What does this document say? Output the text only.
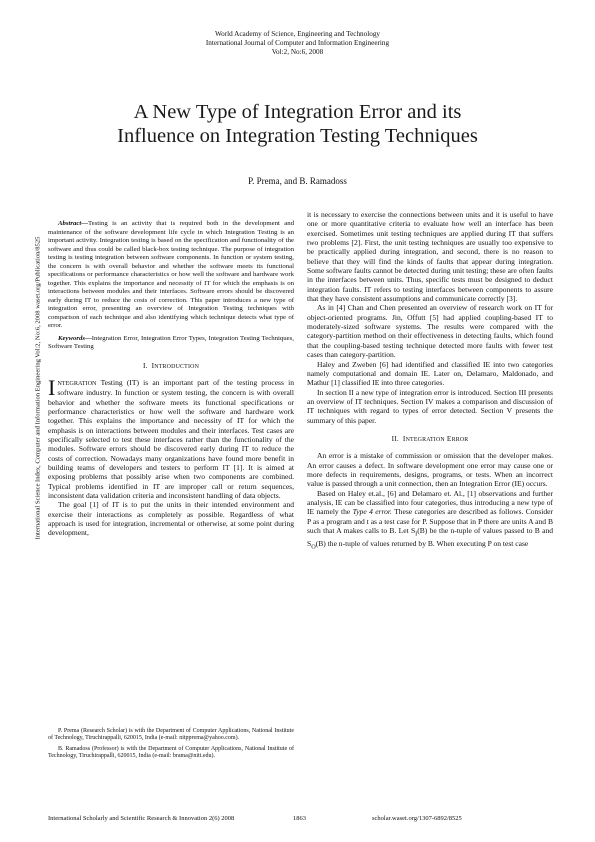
World Academy of Science, Engineering and Technology
International Journal of Computer and Information Engineering
Vol:2, No:6, 2008
A New Type of Integration Error and its
Influence on Integration Testing Techniques
P. Prema, and B. Ramadoss
International Science Index, Computer and Information Engineering Vol:2, No:6, 2008 waset.org/Publication/8525

Abstract—Testing is an activity that is required both in the development and maintenance of the software development life cycle in which Integration Testing is an important activity. Integration testing is based on the specification and functionality of the software and thus could be called black-box testing technique. The purpose of integration testing is testing integration between software components. In function or system testing, the concern is with overall behavior and whether the software meets its functional specifications or performance characteristics or how well the software and hardware work together. This explains the importance and necessity of IT for which the emphasis is on interactions between modules and their interfaces. Software errors should be discovered early during IT to reduce the costs of correction. This paper introduces a new type of integration error, presenting an overview of Integration Testing techniques with comparison of each technique and also identifying which technique detects what type of error.

Keywords—Integration Error, Integration Error Types, Integration Testing Techniques, Software Testing

I. INTRODUCTION

INTEGRATION Testing (IT) is an important part of the testing process in software industry. In function or system testing, the concern is with overall behavior and whether the software meets its functional specifications or performance characteristics or how well the software and hardware work together. This explains the importance and necessity of IT for which the emphasis is on interactions between modules and their interfaces. Test cases are specifically selected to test these interfaces rather than the functionality of the modules. Software errors should be discovered early during IT to reduce the costs of correction. Nowadays many organizations have found more benefit in building teams of developers and testers to perform IT [1]. It is aimed at exposing problems that possibly arise when two components are combined. Typical problems identified in IT are improper call or return sequences, inconsistent data validation criteria and inconsistent handling of data objects.

The goal [1] of IT is to put the units in their intended environment and exercise their interactions as completely as possible. Regardless of what approach is used for integration, incremental or otherwise, at some point during development,

P. Prema (Research Scholar) is with the Department of Computer Applications, National Institute of Technology, Tiruchirappalli, 620015, India (e-mail: nitpprema@yahoo.com).

B. Ramadoss (Professor) is with the Department of Computer Applications, National Institute of Technology, Tiruchirappalli, 620015, India (e-mail: brama@nitt.edu).

it is necessary to exercise the connections between units and it is useful to have one or more quantitative criteria to evaluate how well an interface has been exercised. Sometimes unit testing techniques are applied during IT that suffers two problems [2]. First, the unit testing techniques are usually too expensive to be practically applied during integration, and second, there is no reason to believe that they will find the kinds of faults that appear during integration. Some software faults cannot be detected during unit testing; these are often faults in the interfaces between units. Thus, specific tests must be designed to deduct integration faults. IT refers to testing interfaces between components to assure that they have consistent assumptions and communicate correctly [3].

As in [4] Chan and Chen presented an overview of research work on IT for object-oriented programs. Jin, Offutt [5] had applied coupling-based IT to moderately-sized software systems. The results were compared with the category-partition method on their effectiveness in detecting faults, which found that the coupling-based testing technique detected more faults with fewer test cases than category-partition.

Haley and Zweben [6] had identified and classified IE into two categories namely computational and domain IE. Later on, Delamaro, Maldonado, and Mathur [1] classified IE into three categories.

In section II a new type of integration error is introduced. Section III presents an overview of IT techniques. Section IV makes a comparison and discussion of IT techniques with regard to types of error detected. Section V presents the summary of this paper.

II. INTEGRATION ERROR

An error is a mistake of commission or omission that the developer makes. An error causes a defect. In software development one error may cause one or more defects in requirements, designs, programs, or tests. When an incorrect value is passed through a unit connection, then an Integration Error (IE) occurs.

Based on Haley et.al., [6] and Delamaro et. Al., [1] observations and further analysis, IE can be classified into four categories, thus introducing a new type of IE namely the Type 4 error. These categories are described as follows. Consider P as a program and t as a test case for P. Suppose that in P there are units A and B such that A makes calls to B. Let $S_I(B)$ be the n-tuple of values passed to B and $S_O(B)$ the n-tuple of values returned by B. When executing P on test case

International Scholarly and Scientific Research & Innovation 2(6) 2008	1863	scholar.waset.org/1307-6892/8525
